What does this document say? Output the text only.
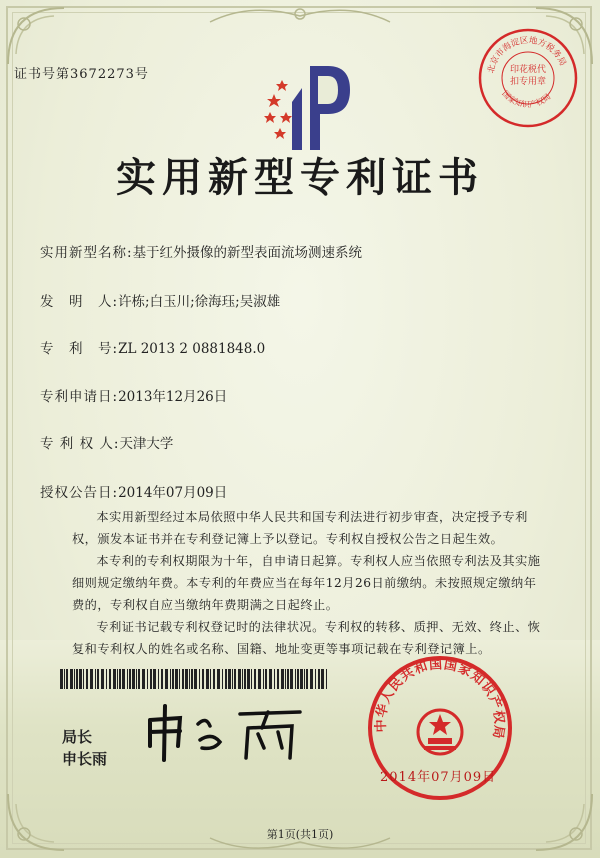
证书号第3672273号	北京市海淀区地方税务局
国家知识产权局
印花税代扣专用章
实用新型专利证书
实用新型名称:基于红外摄像的新型表面流场测速系统
发　明　人:许栋;白玉川;徐海珏;吴淑雄
专　利　号:ZL 2013 2 0881848.0
专利申请日:2013年12月26日
专 利 权 人:天津大学
授权公告日:2014年07月09日

本实用新型经过本局依照中华人民共和国专利法进行初步审查，决定授予专利权，颁发本证书并在专利登记簿上予以登记。专利权自授权公告之日起生效。

本专利的专利权期限为十年，自申请日起算。专利权人应当依照专利法及其实施细则规定缴纳年费。本专利的年费应当在每年12月26日前缴纳。未按照规定缴纳年费的，专利权自应当缴纳年费期满之日起终止。

专利证书记载专利权登记时的法律状况。专利权的转移、质押、无效、终止、恢复和专利权人的姓名或名称、国籍、地址变更等事项记载在专利登记簿上。

局长
申长雨
中华人民共和国国家知识产权局
2014年07月09日
第1页(共1页)
